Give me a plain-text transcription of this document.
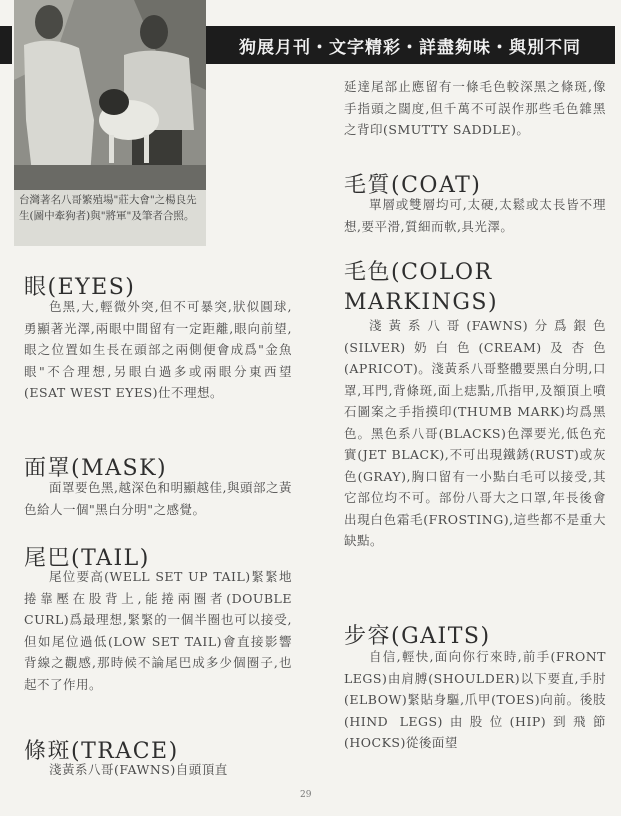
狗展月刊・文字精彩・詳盡夠味・與別不同
台灣著名八哥繁殖場"莊大會"之楊良先生(圖中牽狗者)與"將軍"及筆者合照。
眼(EYES)
色黑,大,輕微外突,但不可暴突,狀似圓球,勇顯著光澤,兩眼中間留有一定距離,眼向前望,眼之位置如生長在頭部之兩側便會成爲"金魚眼"不合理想,另眼白過多或兩眼分東西望(ESAT WEST EYES)仕不理想。
面罩(MASK)
面罩要色黑,越深色和明顯越佳,與頭部之黃色給人一個"黑白分明"之感覺。
尾巴(TAIL)
尾位要高(WELL SET UP TAIL)緊緊地捲靠壓在股背上,能捲兩圈者(DOUBLE CURL)爲最理想,緊緊的一個半圈也可以接受,但如尾位過低(LOW SET TAIL)會直接影響背線之觀感,那時候不論尾巴成多少個圈子,也起不了作用。
條斑(TRACE)
淺黃系八哥(FAWNS)自頭頂直
延達尾部止應留有一條毛色較深黑之條斑,像手指頭之闊度,但千萬不可誤作那些毛色雜黑之背印(SMUTTY SADDLE)。
毛質(COAT)
單層或雙層均可,太硬,太鬆或太長皆不理想,要平滑,質細而軟,具光澤。
毛色(COLOR MARKINGS)
淺黃系八哥(FAWNS)分爲銀色(SILVER)奶白色(CREAM)及杏色(APRICOT)。淺黃系八哥整體要黑白分明,口罩,耳門,背條斑,面上痣點,爪指甲,及額頂上噴石圖案之手指摸印(THUMB MARK)均爲黑色。黑色系八哥(BLACKS)色澤要光,低色充實(JET BLACK),不可出現鐵銹(RUST)或灰色(GRAY),胸口留有一小點白毛可以接受,其它部位均不可。部份八哥大之口罩,年長後會出現白色霜毛(FROSTING),這些都不是重大缺點。
步容(GAITS)
自信,輕快,面向你行來時,前手(FRONT LEGS)由肩膊(SHOULDER)以下要直,手肘(ELBOW)緊貼身驅,爪甲(TOES)向前。後肢(HIND LEGS)由股位(HIP)到飛節(HOCKS)從後面望
29
